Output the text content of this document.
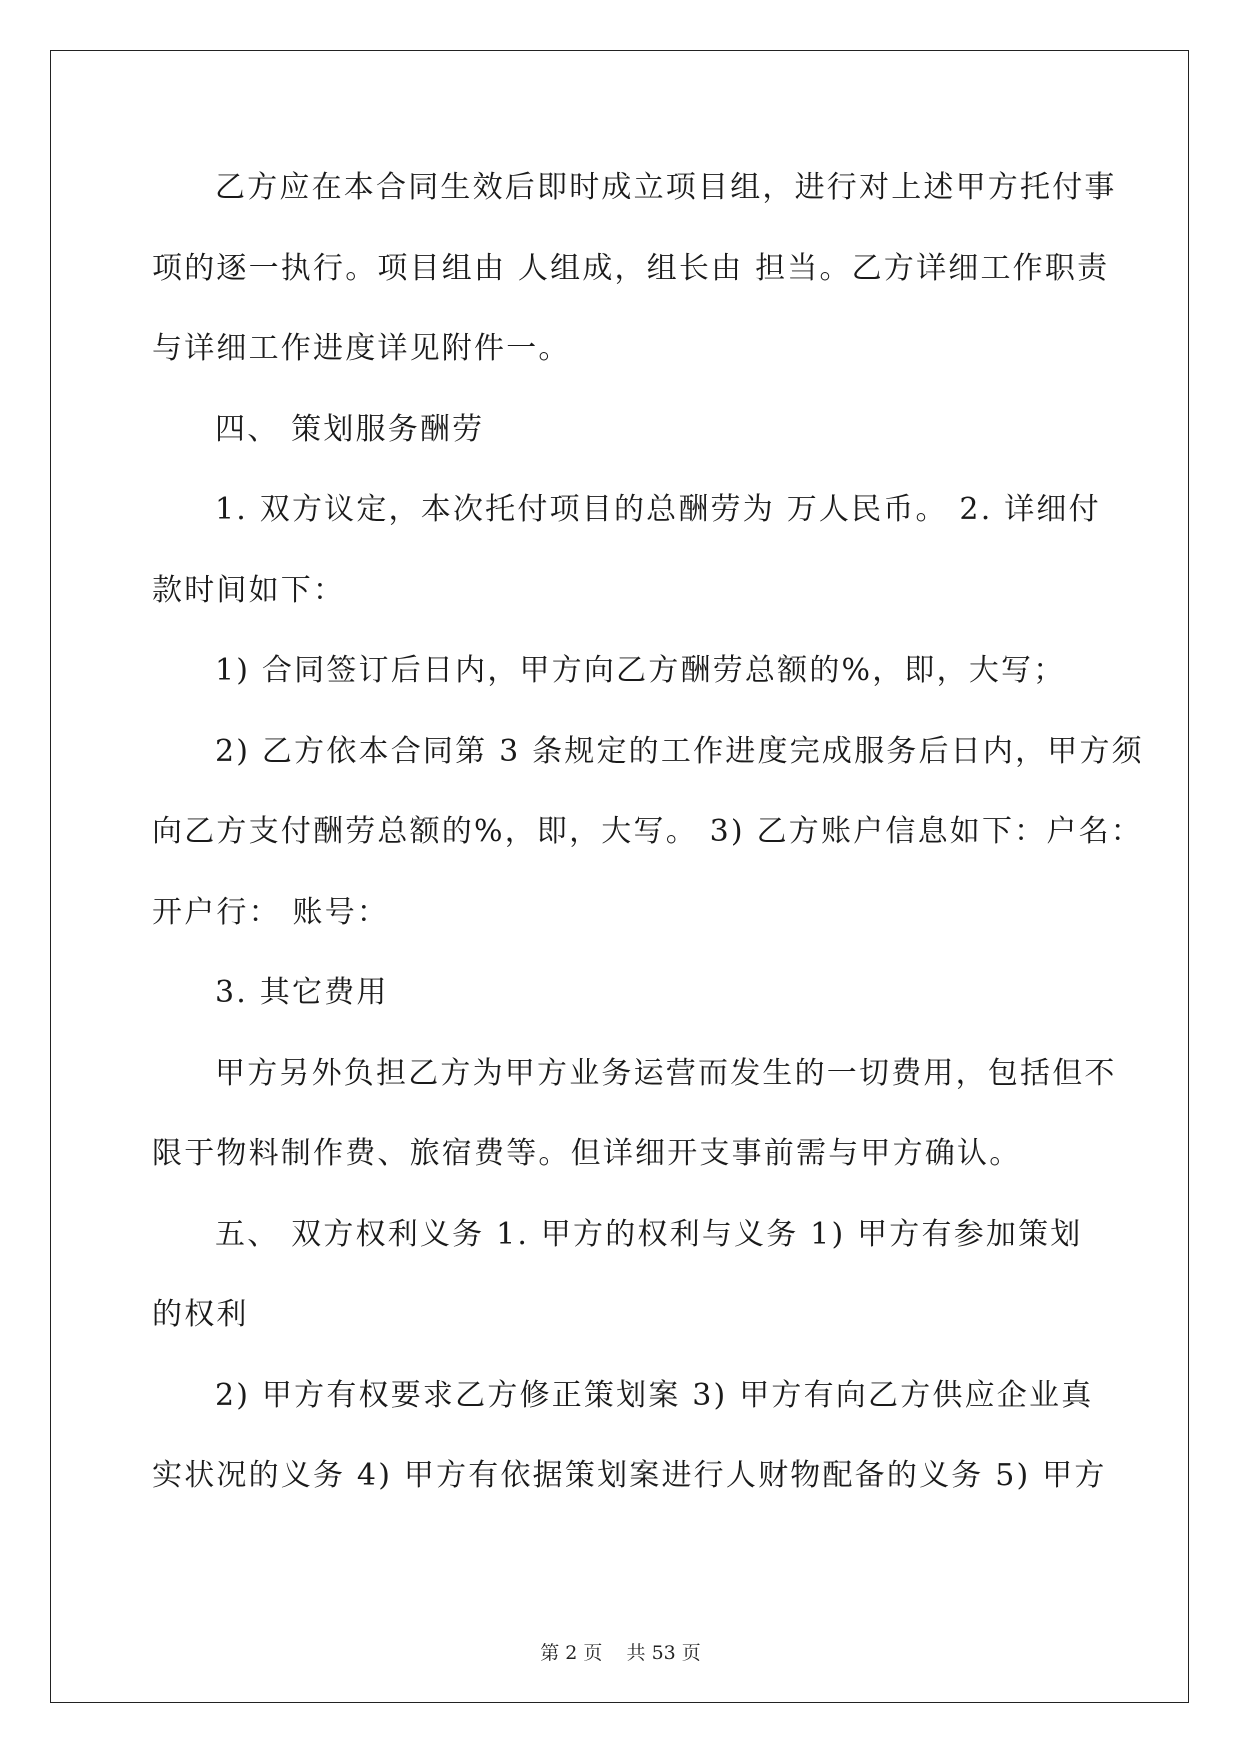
乙方应在本合同生效后即时成立项目组，进行对上述甲方托付事
项的逐一执行。项目组由 人组成，组长由 担当。乙方详细工作职责
与详细工作进度详见附件一。
四、 策划服务酬劳
1. 双方议定，本次托付项目的总酬劳为 万人民币。 2. 详细付
款时间如下：
1) 合同签订后日内，甲方向乙方酬劳总额的%，即，大写；
2) 乙方依本合同第 3 条规定的工作进度完成服务后日内，甲方须
向乙方支付酬劳总额的%，即，大写。 3) 乙方账户信息如下：户名：
开户行： 账号：
3. 其它费用
甲方另外负担乙方为甲方业务运营而发生的一切费用，包括但不
限于物料制作费、旅宿费等。但详细开支事前需与甲方确认。
五、 双方权利义务 1. 甲方的权利与义务 1) 甲方有参加策划
的权利
2) 甲方有权要求乙方修正策划案 3) 甲方有向乙方供应企业真
实状况的义务 4) 甲方有依据策划案进行人财物配备的义务 5) 甲方
第 2 页 共 53 页
